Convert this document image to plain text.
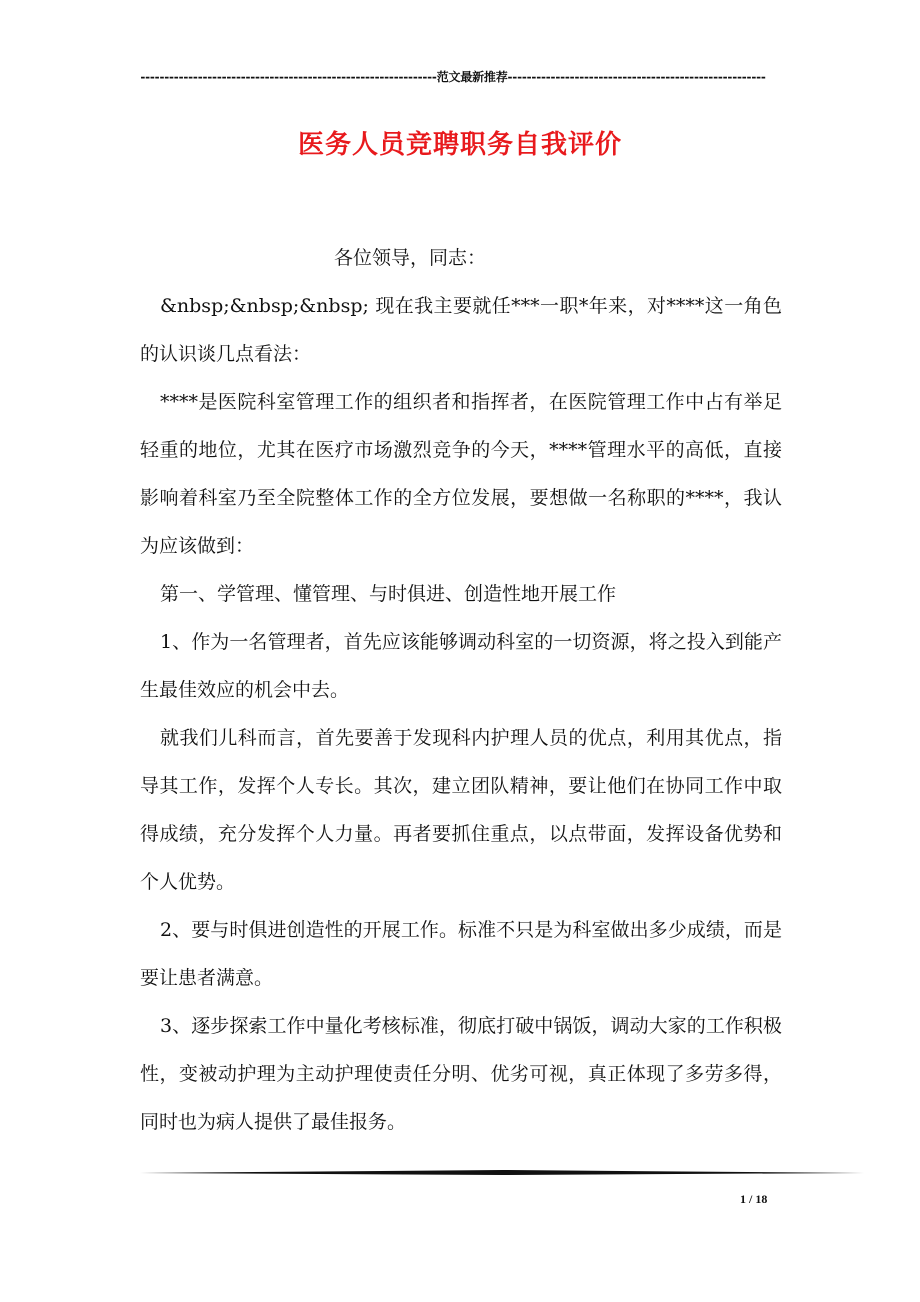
--------------------------------------------------------------范文最新推荐------------------------------------------------------
医务人员竞聘职务自我评价

各位领导，同志：

&nbsp;&nbsp;&nbsp; 现在我主要就任***一职*年来，对****这一角色的认识谈几点看法：

****是医院科室管理工作的组织者和指挥者，在医院管理工作中占有举足轻重的地位，尤其在医疗市场激烈竞争的今天，****管理水平的高低，直接影响着科室乃至全院整体工作的全方位发展，要想做一名称职的****，我认为应该做到：

第一、学管理、懂管理、与时俱进、创造性地开展工作

1、作为一名管理者，首先应该能够调动科室的一切资源，将之投入到能产生最佳效应的机会中去。

就我们儿科而言，首先要善于发现科内护理人员的优点，利用其优点，指导其工作，发挥个人专长。其次，建立团队精神，要让他们在协同工作中取得成绩，充分发挥个人力量。再者要抓住重点，以点带面，发挥设备优势和个人优势。

2、要与时俱进创造性的开展工作。标准不只是为科室做出多少成绩，而是要让患者满意。

3、逐步探索工作中量化考核标准，彻底打破中锅饭，调动大家的工作积极性，变被动护理为主动护理使责任分明、优劣可视，真正体现了多劳多得，同时也为病人提供了最佳报务。

1 / 18
